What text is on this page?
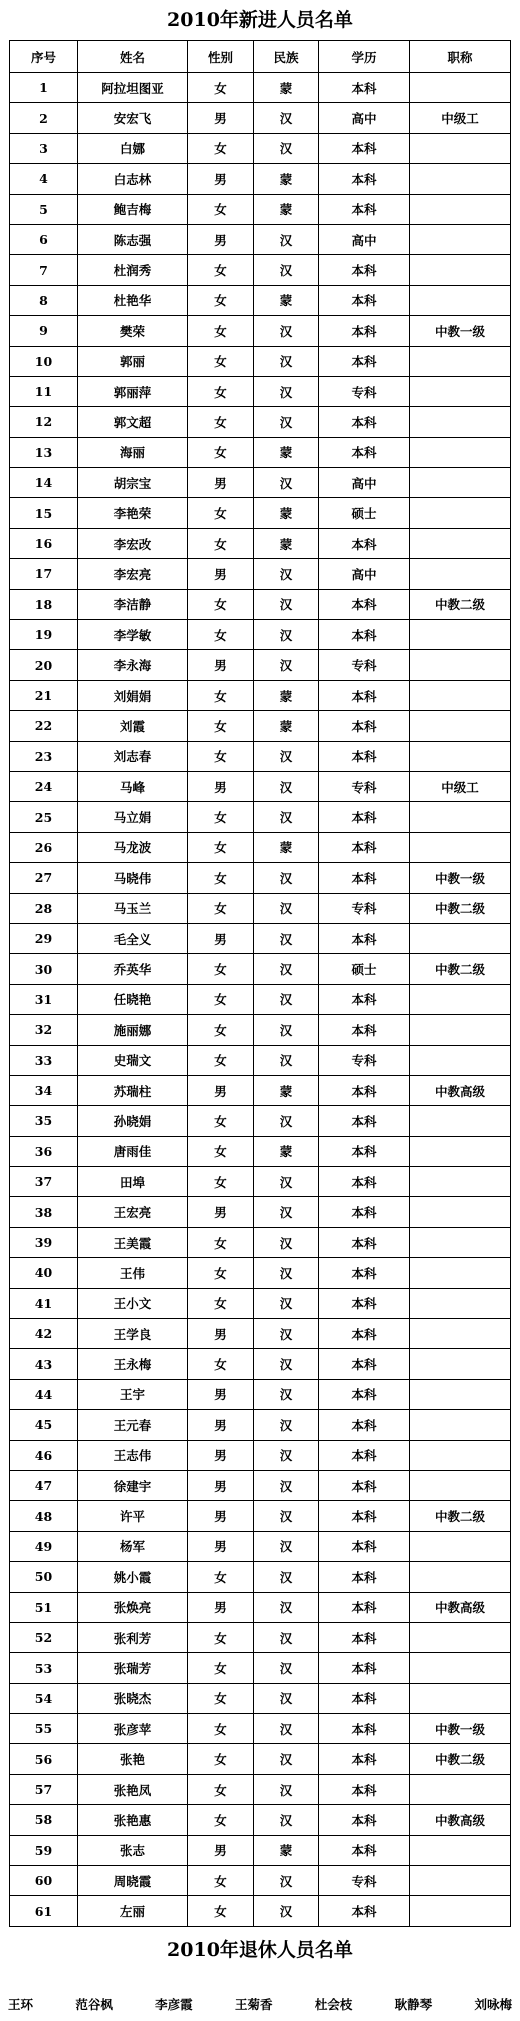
2010年新进人员名单
序号	姓名	性别	民族	学历	职称
1	阿拉坦图亚	女	蒙	本科	
2	安宏飞	男	汉	高中	中级工
3	白娜	女	汉	本科	
4	白志林	男	蒙	本科	
5	鲍吉梅	女	蒙	本科	
6	陈志强	男	汉	高中	
7	杜润秀	女	汉	本科	
8	杜艳华	女	蒙	本科	
9	樊荣	女	汉	本科	中教一级
10	郭丽	女	汉	本科	
11	郭丽萍	女	汉	专科	
12	郭文超	女	汉	本科	
13	海丽	女	蒙	本科	
14	胡宗宝	男	汉	高中	
15	李艳荣	女	蒙	硕士	
16	李宏改	女	蒙	本科	
17	李宏亮	男	汉	高中	
18	李洁静	女	汉	本科	中教二级
19	李学敏	女	汉	本科	
20	李永海	男	汉	专科	
21	刘娟娟	女	蒙	本科	
22	刘霞	女	蒙	本科	
23	刘志春	女	汉	本科	
24	马峰	男	汉	专科	中级工
25	马立娟	女	汉	本科	
26	马龙波	女	蒙	本科	
27	马晓伟	女	汉	本科	中教一级
28	马玉兰	女	汉	专科	中教二级
29	毛全义	男	汉	本科	
30	乔英华	女	汉	硕士	中教二级
31	任晓艳	女	汉	本科	
32	施丽娜	女	汉	本科	
33	史瑞文	女	汉	专科	
34	苏瑞柱	男	蒙	本科	中教高级
35	孙晓娟	女	汉	本科	
36	唐雨佳	女	蒙	本科	
37	田埠	女	汉	本科	
38	王宏亮	男	汉	本科	
39	王美霞	女	汉	本科	
40	王伟	女	汉	本科	
41	王小文	女	汉	本科	
42	王学良	男	汉	本科	
43	王永梅	女	汉	本科	
44	王宇	男	汉	本科	
45	王元春	男	汉	本科	
46	王志伟	男	汉	本科	
47	徐建宇	男	汉	本科	
48	许平	男	汉	本科	中教二级
49	杨军	男	汉	本科	
50	姚小霞	女	汉	本科	
51	张焕亮	男	汉	本科	中教高级
52	张利芳	女	汉	本科	
53	张瑞芳	女	汉	本科	
54	张晓杰	女	汉	本科	
55	张彦苹	女	汉	本科	中教一级
56	张艳	女	汉	本科	中教二级
57	张艳凤	女	汉	本科	
58	张艳惠	女	汉	本科	中教高级
59	张志	男	蒙	本科	
60	周晓霞	女	汉	专科	
61	左丽	女	汉	本科	
2010年退休人员名单
王环	范谷枫	李彦霞	王菊香	杜会枝	耿静琴	刘咏梅
